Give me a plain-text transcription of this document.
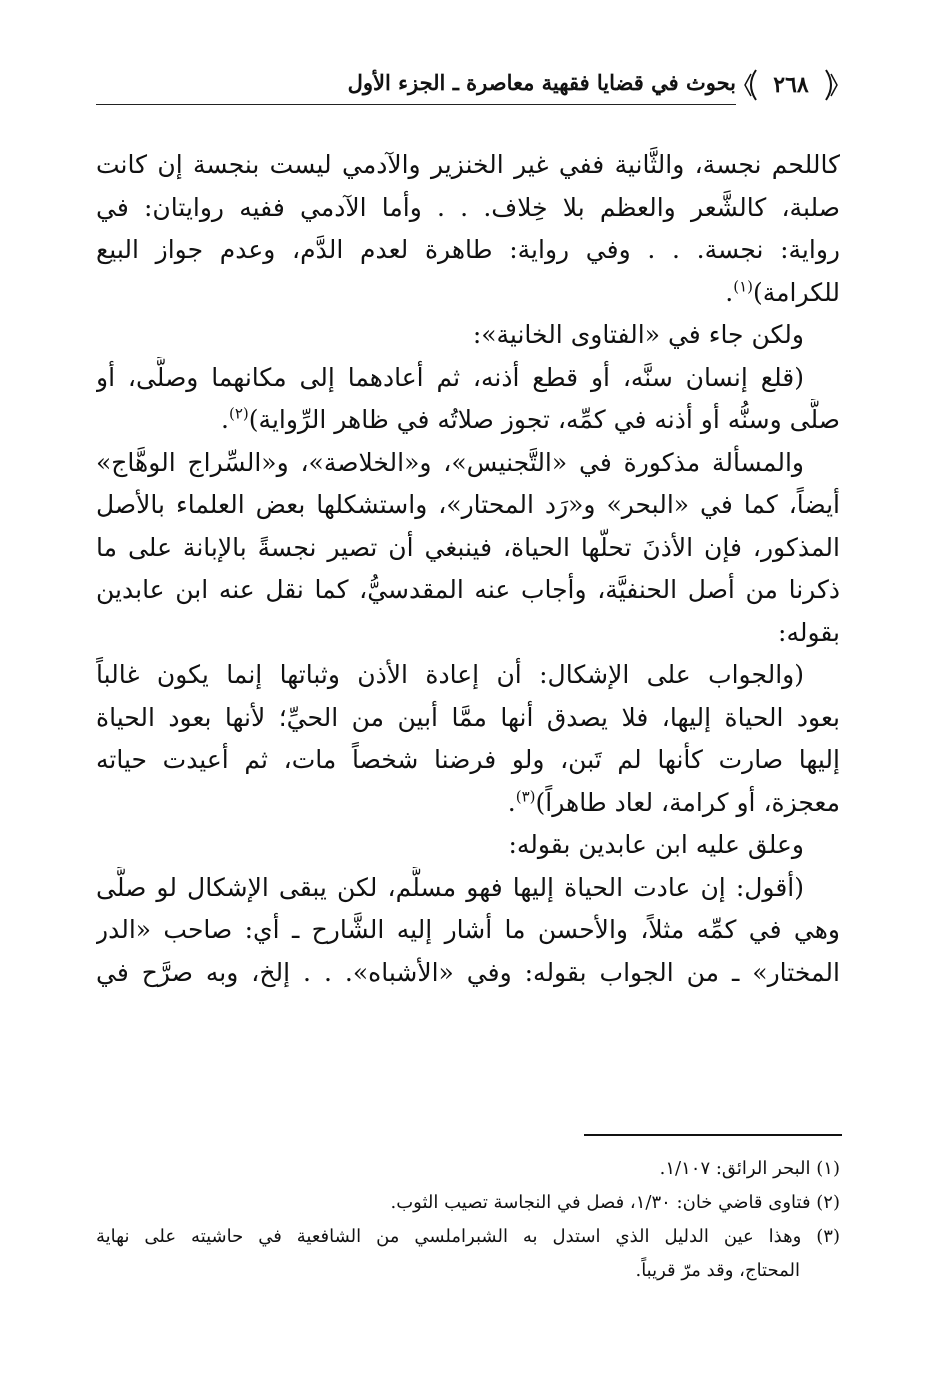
٢٦٨
بحوث في قضايا فقهية معاصرة ـ الجزء الأول
كاللحم نجسة، والثَّانية ففي غير الخنزير والآدمي ليست بنجسة إن كانت
صلبة، كالشَّعر والعظم بلا خِلاف. . . وأما الآدمي ففيه روايتان: في
رواية: نجسة. . . وفي رواية: طاهرة لعدم الدَّم، وعدم جواز البيع
للكرامة)$^{(١)}$.
ولكن جاء في «الفتاوى الخانية»:
(قلع إنسان سنَّه، أو قطع أذنه، ثم أعادهما إلى مكانهما وصلَّى، أو
صلَّى وسنُّه أو أذنه في كمِّه، تجوز صلاتُه في ظاهر الرِّواية)$^{(٢)}$.
والمسألة مذكورة في «التَّجنيس»، و«الخلاصة»، و«السِّراج الوهَّاج»
أيضاً، كما في «البحر» و«رَد المحتار»، واستشكلها بعض العلماء بالأصل
المذكور، فإن الأذنَ تحلّها الحياة، فينبغي أن تصير نجسةً بالإبانة على ما
ذكرنا من أصل الحنفيَّة، وأجاب عنه المقدسيُّ، كما نقل عنه ابن عابدين
بقوله:
(والجواب على الإشكال: أن إعادة الأذن وثباتها إنما يكون غالباً
بعود الحياة إليها، فلا يصدق أنها ممَّا أبين من الحيِّ؛ لأنها بعود الحياة
إليها صارت كأنها لم تَبن، ولو فرضنا شخصاً مات، ثم أعيدت حياته
معجزة، أو كرامة، لعاد طاهراً)$^{(٣)}$.
وعلق عليه ابن عابدين بقوله:
(أقول: إن عادت الحياة إليها فهو مسلَّم، لكن يبقى الإشكال لو صلَّى
وهي في كمِّه مثلاً، والأحسن ما أشار إليه الشَّارح ـ أي: صاحب «الدر
المختار» ـ من الجواب بقوله: وفي «الأشباه». . . إلخ، وبه صرَّح في
(١) البحر الرائق: ١/١٠٧.
(٢) فتاوى قاضي خان: ١/٣٠، فصل في النجاسة تصيب الثوب.
(٣) وهذا عين الدليل الذي استدل به الشبراملسي من الشافعية في حاشيته على نهاية
المحتاج، وقد مرّ قريباً.
